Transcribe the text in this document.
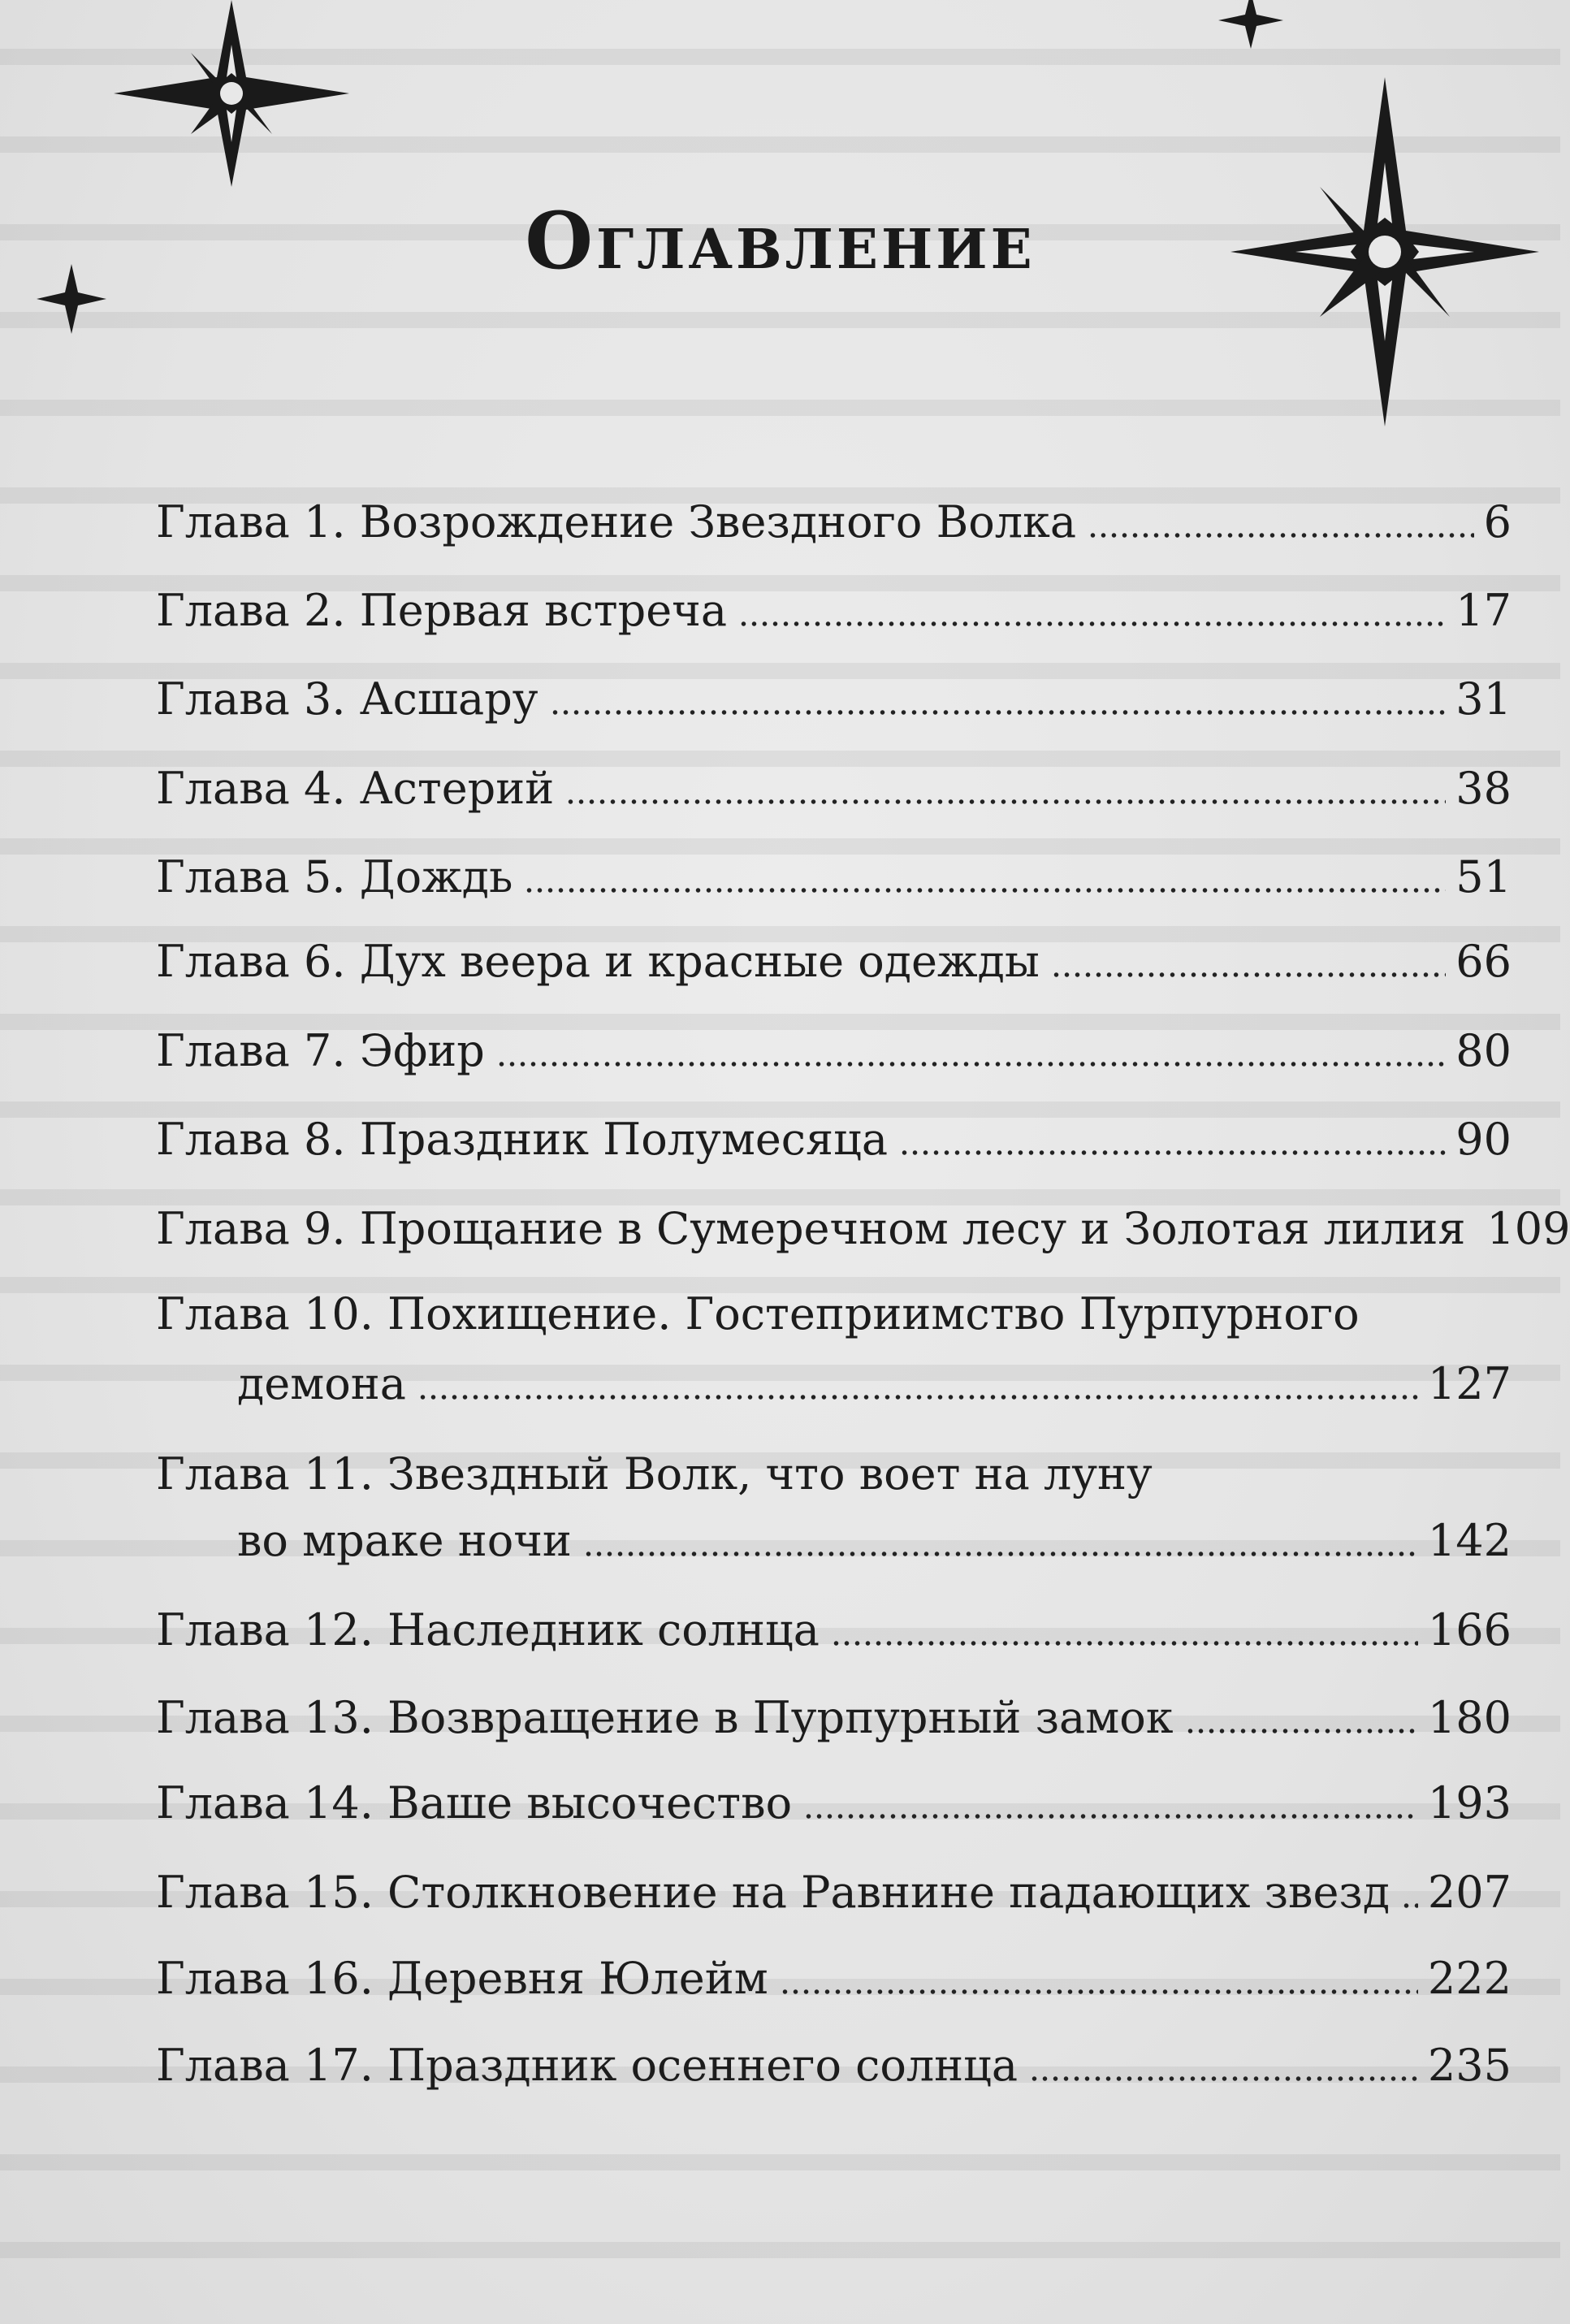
Оглавление
Глава 1. Возрождение Звездного Волка	6
Глава 2. Первая встреча	17
Глава 3. Асшару	31
Глава 4. Астерий	38
Глава 5. Дождь	51
Глава 6. Дух веера и красные одежды	66
Глава 7. Эфир	80
Глава 8. Праздник Полумесяца	90
Глава 9. Прощание в Сумеречном лесу и Золотая лилия 109
Глава 10. Похищение. Гостеприимство Пурпурного
демона	127
Глава 11. Звездный Волк, что воет на луну
во мраке ночи	142
Глава 12. Наследник солнца	166
Глава 13. Возвращение в Пурпурный замок	180
Глава 14. Ваше высочество	193
Глава 15. Столкновение на Равнине падающих звезд 207
Глава 16. Деревня Юлейм	222
Глава 17. Праздник осеннего солнца	235
